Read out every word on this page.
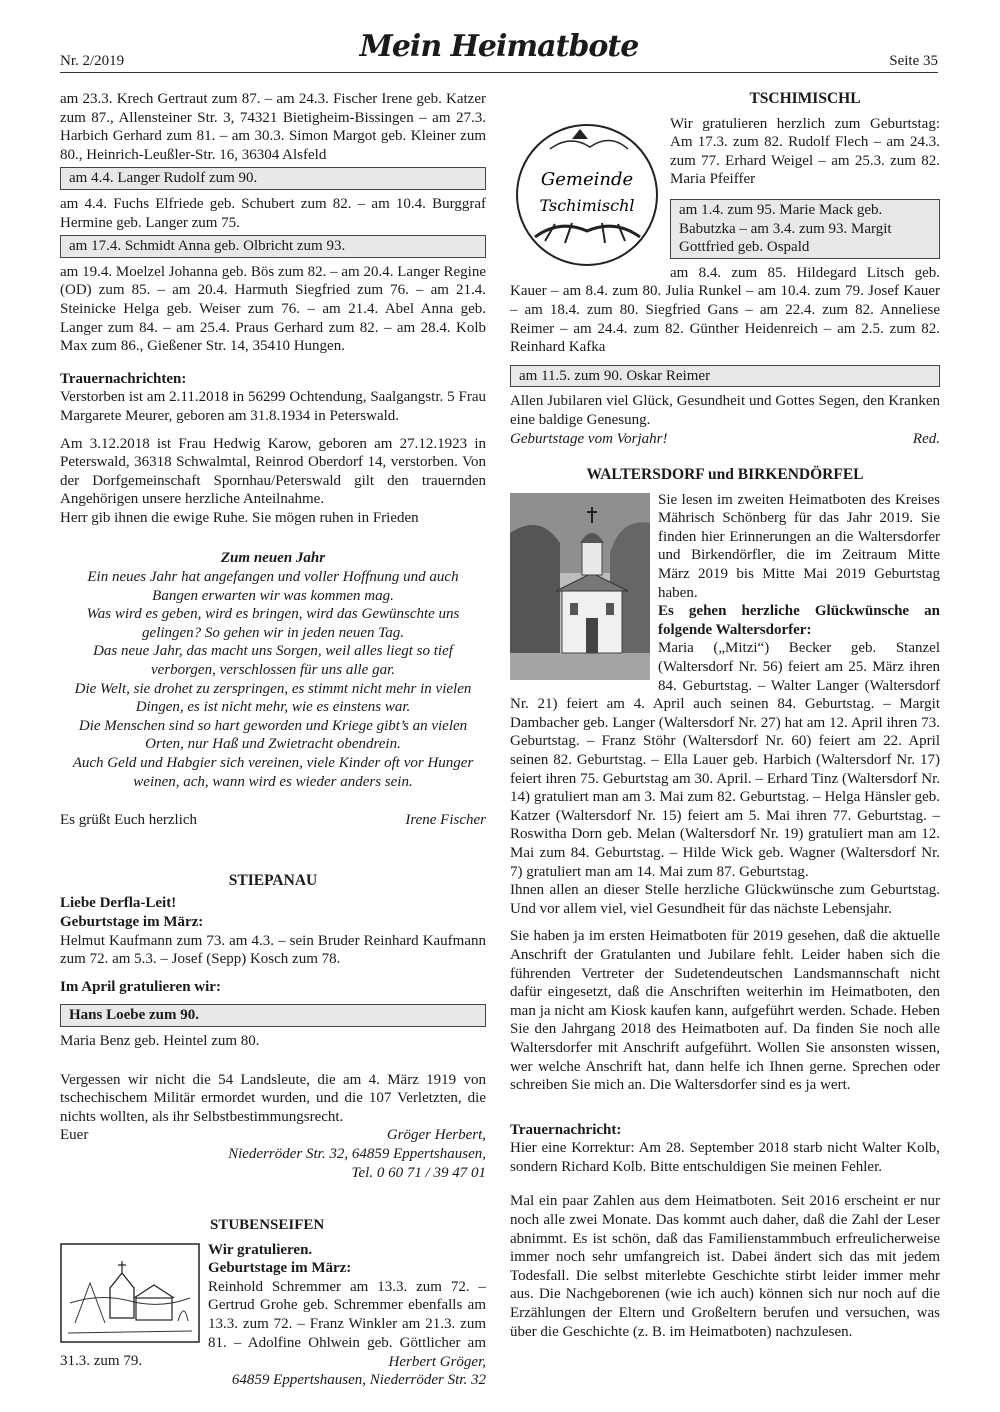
Nr. 2/2019	Mein Heimatbote	Seite 35

am 23.3. Krech Gertraut zum 87. – am 24.3. Fischer Irene geb. Katzer zum 87., Allensteiner Str. 3, 74321 Bietigheim-Bissingen – am 27.3. Harbich Gerhard zum 81. – am 30.3. Simon Margot geb. Kleiner zum 80., Heinrich-Leußler-Str. 16, 36304 Alsfeld

am 4.4. Langer Rudolf zum 90.

am 4.4. Fuchs Elfriede geb. Schubert zum 82. – am 10.4. Burggraf Hermine geb. Langer zum 75.

am 17.4. Schmidt Anna geb. Olbricht zum 93.

am 19.4. Moelzel Johanna geb. Bös zum 82. – am 20.4. Langer Regine (OD) zum 85. – am 20.4. Harmuth Siegfried zum 76. – am 21.4. Steinicke Helga geb. Weiser zum 76. – am 21.4. Abel Anna geb. Langer zum 84. – am 25.4. Praus Gerhard zum 82. – am 28.4. Kolb Max zum 86., Gießener Str. 14, 35410 Hungen.

Trauernachrichten:

Verstorben ist am 2.11.2018 in 56299 Ochtendung, Saalgangstr. 5 Frau Margarete Meurer, geboren am 31.8.1934 in Peterswald.

Am 3.12.2018 ist Frau Hedwig Karow, geboren am 27.12.1923 in Peterswald, 36318 Schwalmtal, Reinrod Oberdorf 14, verstorben. Von der Dorfgemeinschaft Spornhau/Peterswald gilt den trauernden Angehörigen unsere herzliche Anteilnahme.

Herr gib ihnen die ewige Ruhe. Sie mögen ruhen in Frieden

Zum neuen Jahr

Ein neues Jahr hat angefangen und voller Hoffnung und auch

Bangen erwarten wir was kommen mag.

Was wird es geben, wird es bringen, wird das Gewünschte uns

gelingen? So gehen wir in jeden neuen Tag.

Das neue Jahr, das macht uns Sorgen, weil alles liegt so tief

verborgen, verschlossen für uns alle gar.

Die Welt, sie drohet zu zerspringen, es stimmt nicht mehr in vielen

Dingen, es ist nicht mehr, wie es einstens war.

Die Menschen sind so hart geworden und Kriege gibt’s an vielen

Orten, nur Haß und Zwietracht obendrein.

Auch Geld und Habgier sich vereinen, viele Kinder oft vor Hunger

weinen, ach, wann wird es wieder anders sein.

Es grüßt Euch herzlich	Irene Fischer

STIEPANAU

Liebe Derfla-Leit!

Geburtstage im März:

Helmut Kaufmann zum 73. am 4.3. – sein Bruder Reinhard Kaufmann zum 72. am 5.3. – Josef (Sepp) Kosch zum 78.

Im April gratulieren wir:

Hans Loebe zum 90.

Maria Benz geb. Heintel zum 80.

Vergessen wir nicht die 54 Landsleute, die am 4. März 1919 von tschechischem Militär ermordet wurden, und die 107 Verletzten, die nichts wollten, als ihr Selbstbestimmungsrecht.

Euer	Gröger Herbert,

Niederröder Str. 32, 64859 Eppertshausen,

Tel. 0 60 71 / 39 47 01

STUBENSEIFEN

Wir gratulieren.

Geburtstage im März:

Reinhold Schremmer am 13.3. zum 72. – Gertrud Grohe geb. Schremmer ebenfalls am 13.3. zum 72. – Franz Winkler am 21.3. zum 81. – Adolfine Ohlwein geb. Göttlicher am 31.3. zum 79.	Herbert Gröger,

64859 Eppertshausen, Niederröder Str. 32

TSCHIMISCHL

Gemeinde
Tschimischl

Wir gratulieren herzlich zum Geburtstag: Am 17.3. zum 82. Rudolf Flech – am 24.3. zum 77. Erhard Weigel – am 25.3. zum 82. Maria Pfeiffer

am 1.4. zum 95. Marie Mack geb. Babutzka – am 3.4. zum 93. Margit Gottfried geb. Ospald

am 8.4. zum 85. Hildegard Litsch geb. Kauer – am 8.4. zum 80. Julia Runkel – am 10.4. zum 79. Josef Kauer – am 18.4. zum 80. Siegfried Gans – am 22.4. zum 82. Anneliese Reimer – am 24.4. zum 82. Günther Heidenreich – am 2.5. zum 82. Reinhard Kafka

am 11.5. zum 90. Oskar Reimer

Allen Jubilaren viel Glück, Gesundheit und Gottes Segen, den Kranken eine baldige Genesung.

Geburtstage vom Vorjahr!	Red.

WALTERSDORF und BIRKENDÖRFEL

Sie lesen im zweiten Heimatboten des Kreises Mährisch Schönberg für das Jahr 2019. Sie finden hier Erinnerungen an die Waltersdorfer und Birkendörfler, die im Zeitraum Mitte März 2019 bis Mitte Mai 2019 Geburtstag haben.

Es gehen herzliche Glückwünsche an folgende Waltersdorfer:

Maria („Mitzi“) Becker geb. Stanzel (Waltersdorf Nr. 56) feiert am 25. März ihren 84. Geburtstag. – Walter Langer (Waltersdorf Nr. 21) feiert am 4. April auch seinen 84. Geburtstag. – Margit Dambacher geb. Langer (Waltersdorf Nr. 27) hat am 12. April ihren 73. Geburtstag. – Franz Stöhr (Waltersdorf Nr. 60) feiert am 22. April seinen 82. Geburtstag. – Ella Lauer geb. Harbich (Waltersdorf Nr. 17) feiert ihren 75. Geburtstag am 30. April. – Erhard Tinz (Waltersdorf Nr. 14) gratuliert man am 3. Mai zum 82. Geburtstag. – Helga Hänsler geb. Katzer (Waltersdorf Nr. 15) feiert am 5. Mai ihren 77. Geburtstag. – Roswitha Dorn geb. Melan (Waltersdorf Nr. 19) gratuliert man am 12. Mai zum 84. Geburtstag. – Hilde Wick geb. Wagner (Waltersdorf Nr. 7) gratuliert man am 14. Mai zum 87. Geburtstag.

Ihnen allen an dieser Stelle herzliche Glückwünsche zum Geburtstag. Und vor allem viel, viel Gesundheit für das nächste Lebensjahr.

Sie haben ja im ersten Heimatboten für 2019 gesehen, daß die aktuelle Anschrift der Gratulanten und Jubilare fehlt. Leider haben sich die führenden Vertreter der Sudetendeutschen Landsmannschaft nicht dafür eingesetzt, daß die Anschriften weiterhin im Heimatboten, den man ja nicht am Kiosk kaufen kann, aufgeführt werden. Schade. Heben Sie den Jahrgang 2018 des Heimatboten auf. Da finden Sie noch alle Waltersdorfer mit Anschrift aufgeführt. Wollen Sie ansonsten wissen, wer welche Anschrift hat, dann helfe ich Ihnen gerne. Sprechen oder schreiben Sie mich an. Die Waltersdorfer sind es ja wert.

Trauernachricht:

Hier eine Korrektur: Am 28. September 2018 starb nicht Walter Kolb, sondern Richard Kolb. Bitte entschuldigen Sie meinen Fehler.

Mal ein paar Zahlen aus dem Heimatboten. Seit 2016 erscheint er nur noch alle zwei Monate. Das kommt auch daher, daß die Zahl der Leser abnimmt. Es ist schön, daß das Familienstammbuch erfreulicherweise immer noch sehr umfangreich ist. Dabei ändert sich das mit jedem Todesfall. Die selbst miterlebte Geschichte stirbt leider immer mehr aus. Die Nachgeborenen (wie ich auch) können sich nur noch auf die Erzählungen der Eltern und Großeltern berufen und versuchen, was über die Geschichte (z. B. im Heimatboten) nachzulesen.
